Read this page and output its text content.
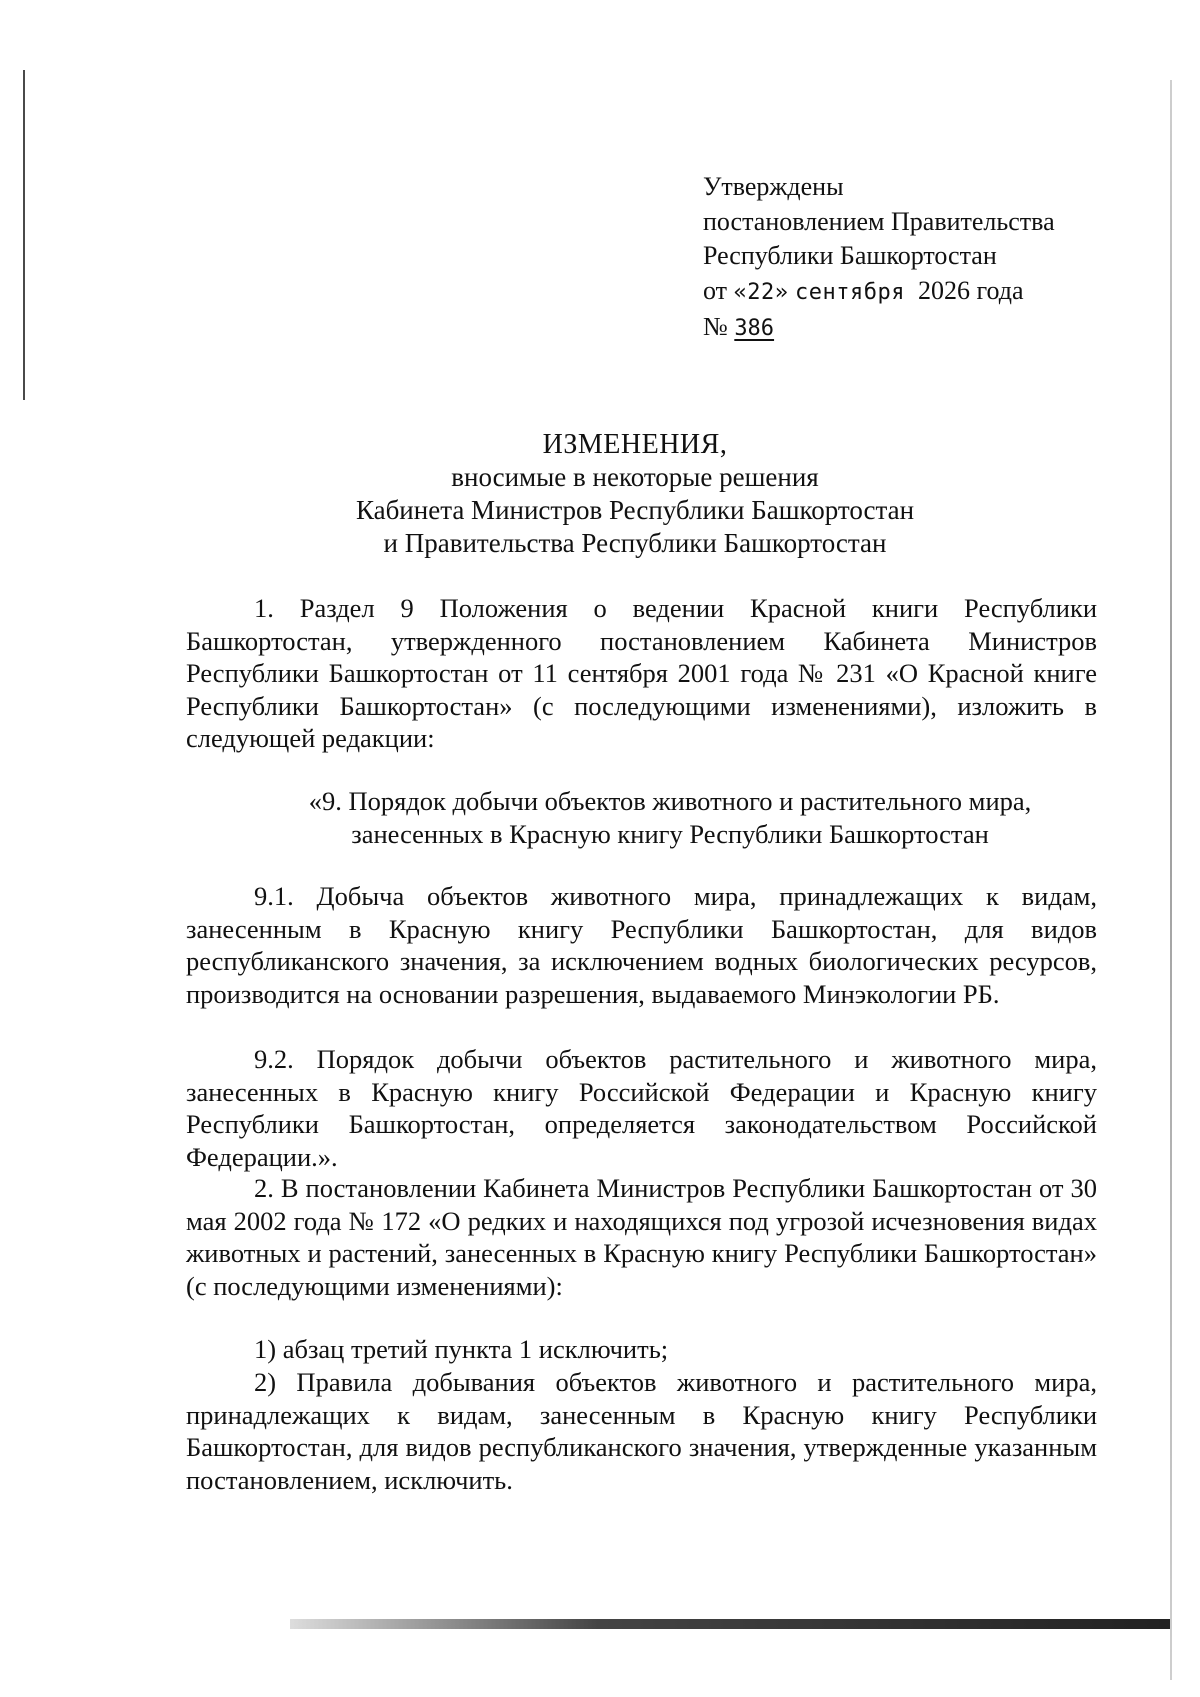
Утверждены
постановлением Правительства
Республики Башкортостан
от «22» сентября 2026 года
№ 386
ИЗМЕНЕНИЯ,
вносимые в некоторые решения
Кабинета Министров Республики Башкортостан
и Правительства Республики Башкортостан

1. Раздел 9 Положения о ведении Красной книги Республики Башкортостан, утвержденного постановлением Кабинета Министров Республики Башкортостан от 11 сентября 2001 года № 231 «О Красной книге Республики Башкортостан» (с последующими изменениями), изложить в следующей редакции:

«9. Порядок добычи объектов животного и растительного мира, занесенных в Красную книгу Республики Башкортостан

9.1. Добыча объектов животного мира, принадлежащих к видам, занесенным в Красную книгу Республики Башкортостан, для видов республиканского значения, за исключением водных биологических ресурсов, производится на основании разрешения, выдаваемого Минэкологии РБ.

9.2. Порядок добычи объектов растительного и животного мира, занесенных в Красную книгу Российской Федерации и Красную книгу Республики Башкортостан, определяется законодательством Российской Федерации.».

2. В постановлении Кабинета Министров Республики Башкортостан от 30 мая 2002 года № 172 «О редких и находящихся под угрозой исчезновения видах животных и растений, занесенных в Красную книгу Республики Башкортостан» (с последующими изменениями):

1) абзац третий пункта 1 исключить;

2) Правила добывания объектов животного и растительного мира, принадлежащих к видам, занесенным в Красную книгу Республики Башкортостан, для видов республиканского значения, утвержденные указанным постановлением, исключить.
